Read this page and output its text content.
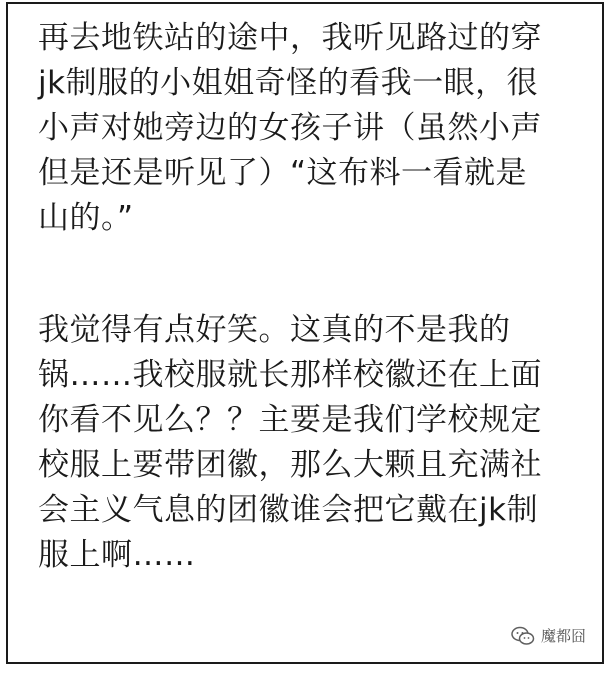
再去地铁站的途中，我听见路过的穿

jk制服的小姐姐奇怪的看我一眼，很

小声对她旁边的女孩子讲（虽然小声

但是还是听见了）“这布料一看就是

山的。”

我觉得有点好笑。这真的不是我的

锅……我校服就长那样校徽还在上面

你看不见么？？主要是我们学校规定

校服上要带团徽，那么大颗且充满社

会主义气息的团徽谁会把它戴在jk制

服上啊……

魔都囧
